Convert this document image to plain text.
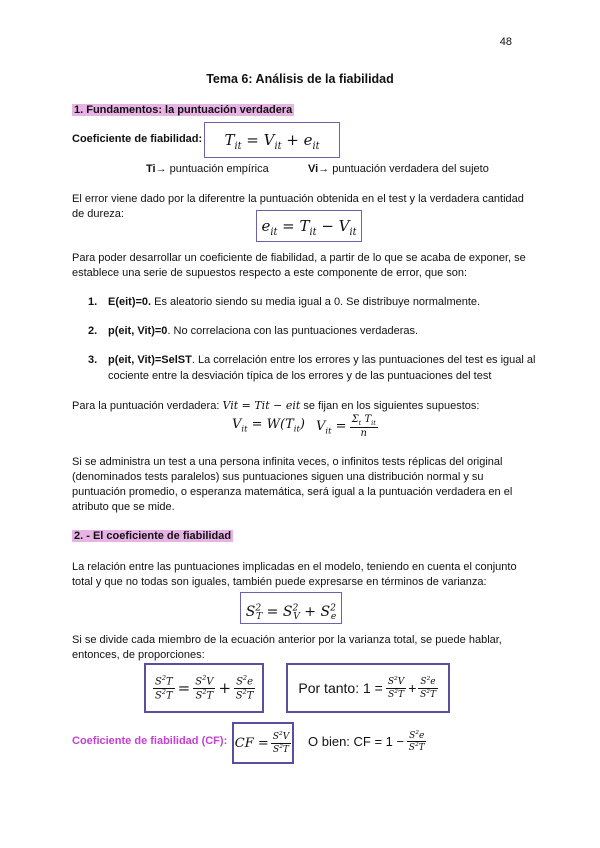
48
Tema 6: Análisis de la fiabilidad
1. Fundamentos: la puntuación verdadera
Coeficiente de fiabilidad:	$T_{it} = V_{it} + e_{it}$
Ti→ puntuación empírica	Vi→ puntuación verdadera del sujeto
El error viene dado por la diferentre la puntuación obtenida en el test y la verdadera cantidad de dureza:
$e_{it} = T_{it} - V_{it}$
Para poder desarrollar un coeficiente de fiabilidad, a partir de lo que se acaba de exponer, se establece una serie de supuestos respecto a este componente de error, que son:
1. E(eit)=0. Es aleatorio siendo su media igual a 0. Se distribuye normalmente.
2. p(eit, Vit)=0. No correlaciona con las puntuaciones verdaderas.
3. p(eit, Vit)=SelST. La correlación entre los errores y las puntuaciones del test es igual al cociente entre la desviación típica de los errores y de las puntuaciones del test
Para la puntuación verdadera: Vit = Tit − eit se fijan en los siguientes supuestos:
$V_{it} = W(T_{it}) V_{it} = \frac{\Sigma_t T_{it}}{n}$
Si se administra un test a una persona infinita veces, o infinitos tests réplicas del original (denominados tests paralelos) sus puntuaciones siguen una distribución normal y su puntuación promedio, o esperanza matemática, será igual a la puntuación verdadera en el atributo que se mide.
2. - El coeficiente de fiabilidad
La relación entre las puntuaciones implicadas en el modelo, teniendo en cuenta el conjunto total y que no todas son iguales, también puede expresarse en términos de varianza:
$S^2_T = S^2_V + S^2_e$
Si se divide cada miembro de la ecuación anterior por la varianza total, se puede hablar, entonces, de proporciones:
$\frac{S^2T}{S^2T} = \frac{S^2V}{S^2T} + \frac{S^2e}{S^2T}$	Por tanto: $1 = \frac{S^2V}{S^2T} + \frac{S^2e}{S^2T}$
Coeficiente de fiabilidad (CF): CF = $\frac{S^2V}{S^2T}$ O bien: CF = $1 - \frac{S^2e}{S^2T}$
